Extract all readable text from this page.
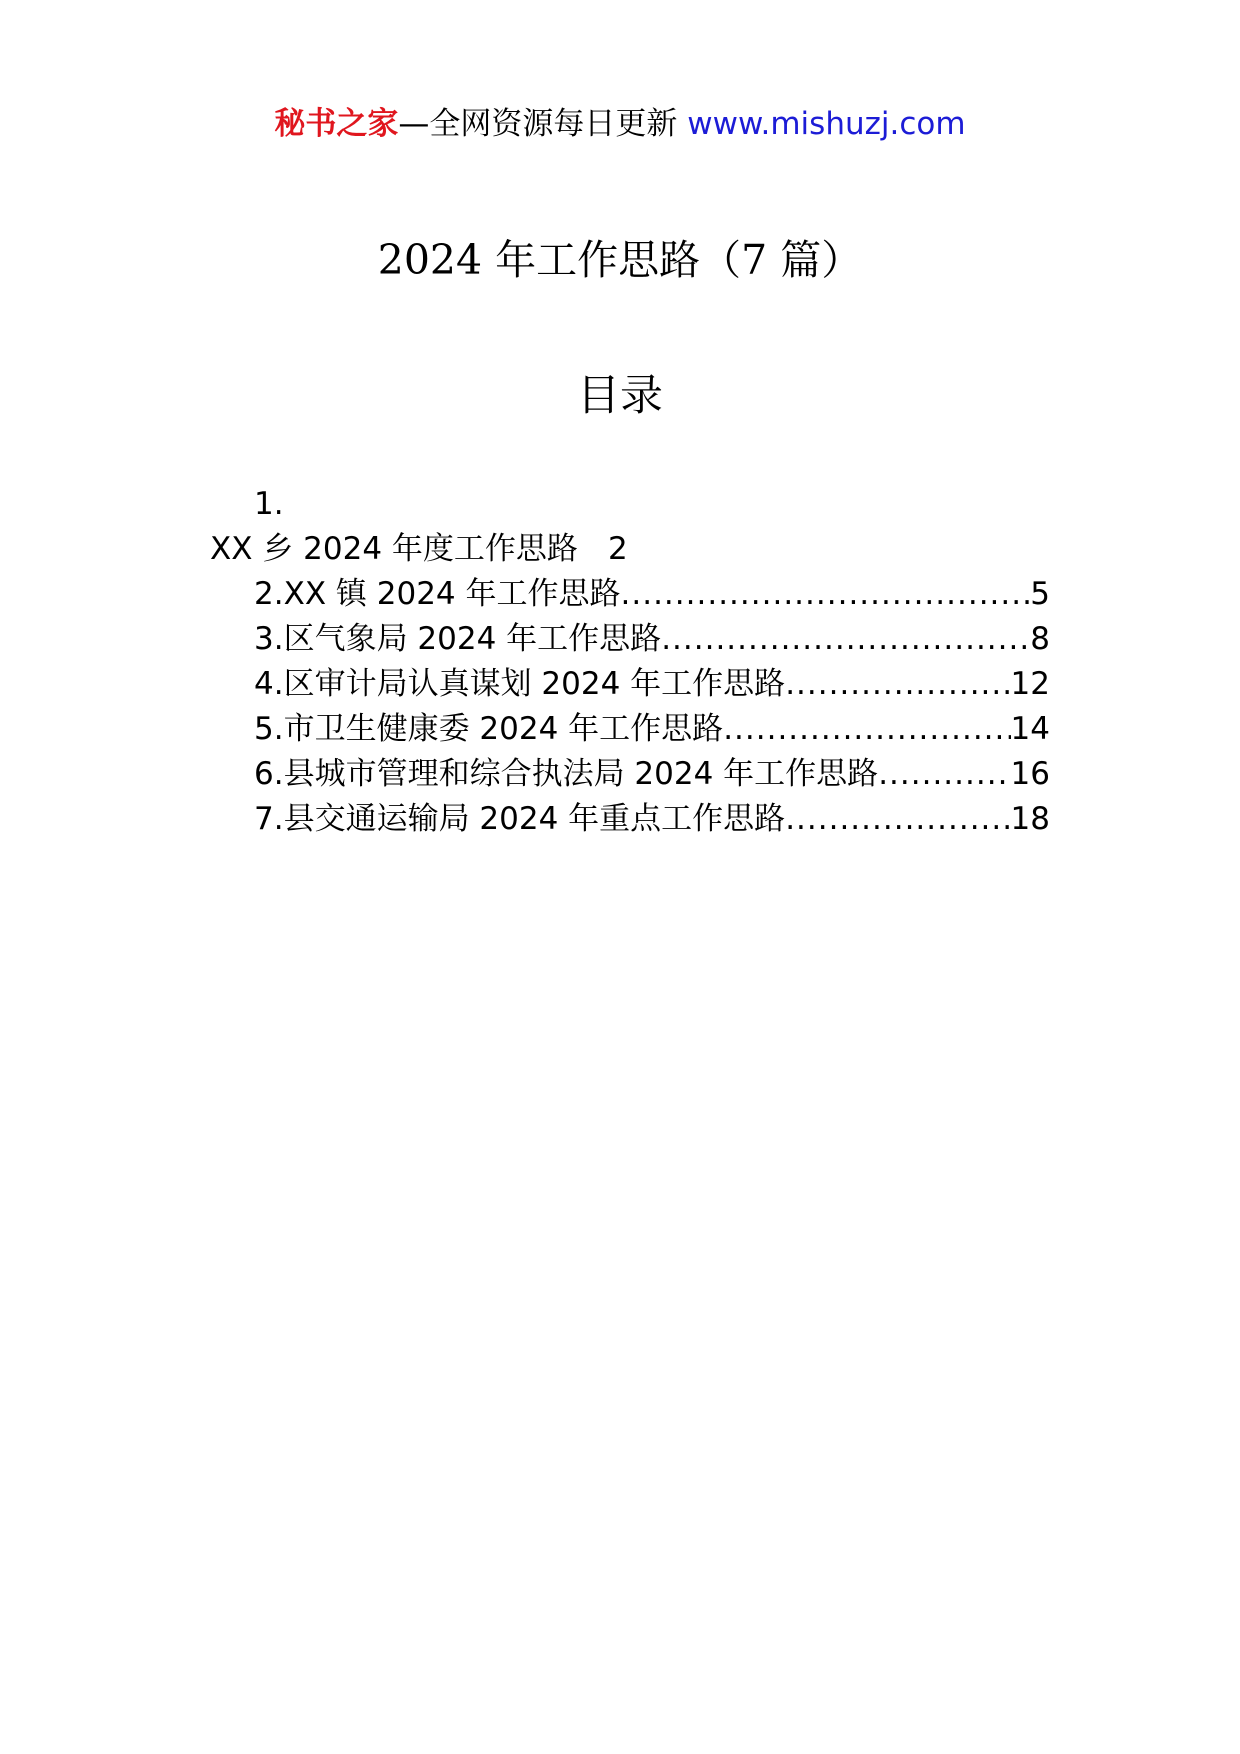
秘书之家—全网资源每日更新 www.mishuzj.com
2024 年工作思路（7 篇）
目录
1.
XX 乡 2024 年度工作思路 2
2.XX 镇 2024 年工作思路 .....	5
3.区气象局 2024 年工作思路 .....	8
4.区审计局认真谋划 2024 年工作思路 .....	12
5.市卫生健康委 2024 年工作思路 .....	14
6.县城市管理和综合执法局 2024 年工作思路 .....	16
7.县交通运输局 2024 年重点工作思路 .....	18
